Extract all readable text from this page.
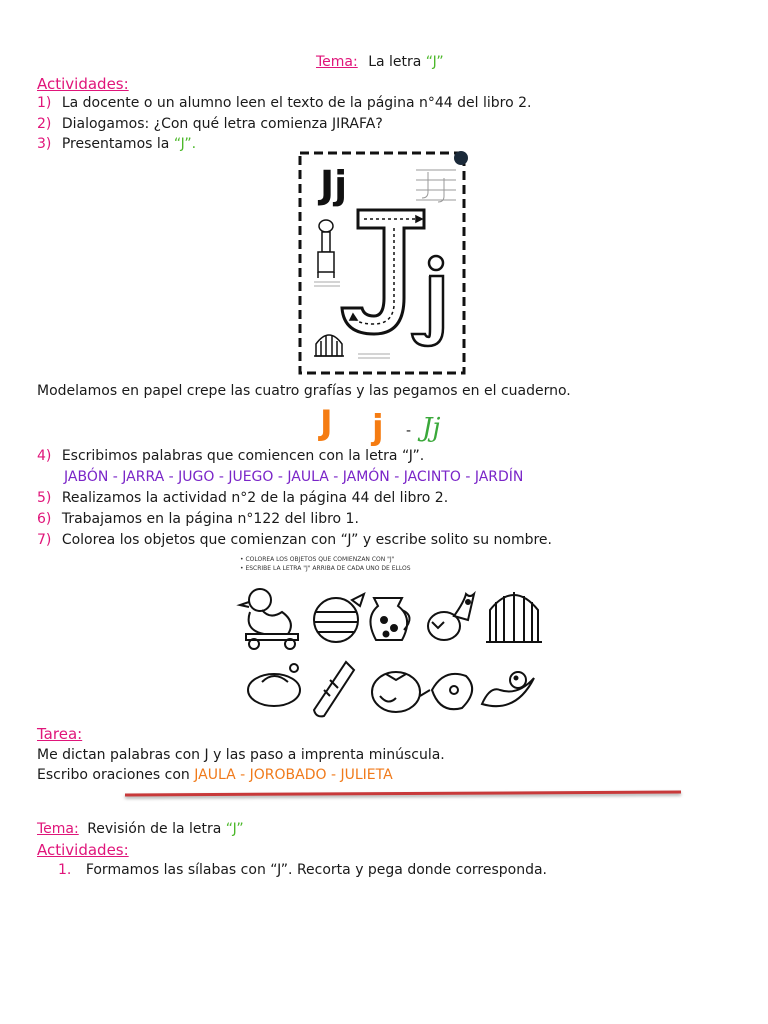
Tema: La letra “J”
Actividades:
1) La docente o un alumno leen el texto de la página n°44 del libro 2.
2) Dialogamos: ¿Con qué letra comienza JIRAFA?
3) Presentamos la “J”.
Jj
Modelamos en papel crepe las cuatro grafías y las pegamos en el cuaderno.
J j - Jj
4) Escribimos palabras que comiencen con la letra “J”.
JABÓN - JARRA - JUGO - JUEGO - JAULA - JAMÓN - JACINTO - JARDÍN
5) Realizamos la actividad n°2 de la página 44 del libro 2.
6) Trabajamos en la página n°122 del libro 1.
7) Colorea los objetos que comienzan con “J” y escribe solito su nombre.
• COLOREA LOS OBJETOS QUE COMIENZAN CON "J"
• ESCRIBE LA LETRA "J" ARRIBA DE CADA UNO DE ELLOS
Tarea:
Me dictan palabras con J y las paso a imprenta minúscula.
Escribo oraciones con JAULA - JOROBADO - JULIETA
Tema: Revisión de la letra “J”
Actividades:
1. Formamos las sílabas con “J”. Recorta y pega donde corresponda.
